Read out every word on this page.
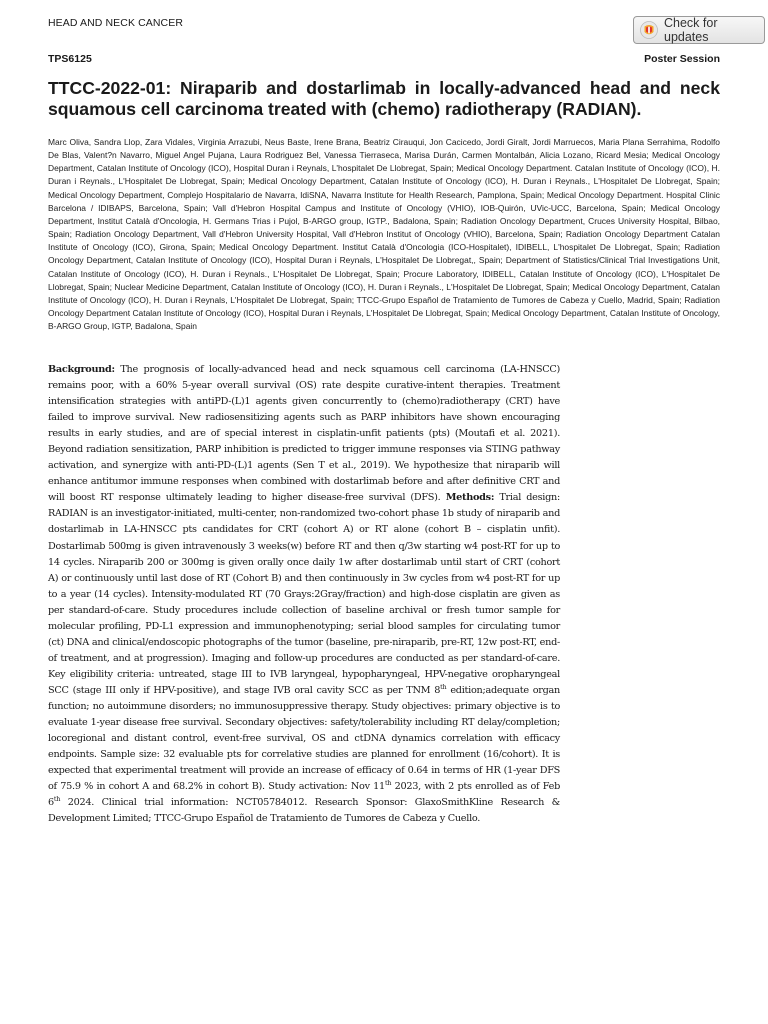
HEAD AND NECK CANCER	Check for updates
TPS6125	Poster Session
TTCC-2022-01: Niraparib and dostarlimab in locally-advanced head and neck squamous cell carcinoma treated with (chemo) radiotherapy (RADIAN).

Marc Oliva, Sandra Llop, Zara Vidales, Virginia Arrazubi, Neus Baste, Irene Brana, Beatriz Cirauqui, Jon Cacicedo, Jordi Giralt, Jordi Marruecos, Maria Plana Serrahima, Rodolfo De Blas, Valent?n Navarro, Miguel Angel Pujana, Laura Rodriguez Bel, Vanessa Tierraseca, Marisa Durán, Carmen Montalbán, Alicia Lozano, Ricard Mesia; Medical Oncology Department, Catalan Institute of Oncology (ICO), Hospital Duran i Reynals, L'hospitalet De Llobregat, Spain; Medical Oncology Department. Catalan Institute of Oncology (ICO), H. Duran i Reynals., L'Hospitalet De Llobregat, Spain; Medical Oncology Department, Catalan Institute of Oncology (ICO), H. Duran i Reynals., L'Hospitalet De Llobregat, Spain; Medical Oncology Department, Complejo Hospitalario de Navarra, IdiSNA, Navarra Institute for Health Research, Pamplona, Spain; Medical Oncology Department. Hospital Clinic Barcelona / IDIBAPS, Barcelona, Spain; Vall d'Hebron Hospital Campus and Institute of Oncology (VHIO), IOB-Quirón, UVic-UCC, Barcelona, Spain; Medical Oncology Department, Institut Català d'Oncologia, H. Germans Trias i Pujol, B-ARGO group, IGTP., Badalona, Spain; Radiation Oncology Department, Cruces University Hospital, Bilbao, Spain; Radiation Oncology Department, Vall d'Hebron University Hospital, Vall d'Hebron Institut of Oncology (VHIO), Barcelona, Spain; Radiation Oncology Department Catalan Institute of Oncology (ICO), Girona, Spain; Medical Oncology Department. Institut Català d'Oncologia (ICO-Hospitalet), IDIBELL, L'hospitalet De Llobregat, Spain; Radiation Oncology Department, Catalan Institute of Oncology (ICO), Hospital Duran i Reynals, L'Hospitalet De Llobregat,, Spain; Department of Statistics/Clinical Trial Investigations Unit, Catalan Institute of Oncology (ICO), H. Duran i Reynals., L'Hospitalet De Llobregat, Spain; Procure Laboratory, IDIBELL, Catalan Institute of Oncology (ICO), L'Hospitalet De Llobregat, Spain; Nuclear Medicine Department, Catalan Institute of Oncology (ICO), H. Duran i Reynals., L'Hospitalet De Llobregat, Spain; Medical Oncology Department, Catalan Institute of Oncology (ICO), H. Duran i Reynals, L'Hospitalet De Llobregat, Spain; TTCC-Grupo Español de Tratamiento de Tumores de Cabeza y Cuello, Madrid, Spain; Radiation Oncology Department Catalan Institute of Oncology (ICO), Hospital Duran i Reynals, L'Hospitalet De Llobregat, Spain; Medical Oncology Department, Catalan Institute of Oncology, B-ARGO Group, IGTP, Badalona, Spain

Background: The prognosis of locally-advanced head and neck squamous cell carcinoma (LA-HNSCC) remains poor, with a 60% 5-year overall survival (OS) rate despite curative-intent therapies. Treatment intensification strategies with antiPD-(L)1 agents given concurrently to (chemo)radiotherapy (CRT) have failed to improve survival. New radiosensitizing agents such as PARP inhibitors have shown encouraging results in early studies, and are of special interest in cisplatin-unfit patients (pts) (Moutafi et al. 2021). Beyond radiation sensitization, PARP inhibition is predicted to trigger immune responses via STING pathway activation, and synergize with anti-PD-(L)1 agents (Sen T et al., 2019). We hypothesize that niraparib will enhance antitumor immune responses when combined with dostarlimab before and after definitive CRT and will boost RT response ultimately leading to higher disease-free survival (DFS). Methods: Trial design: RADIAN is an investigator-initiated, multi-center, non-randomized two-cohort phase 1b study of niraparib and dostarlimab in LA-HNSCC pts candidates for CRT (cohort A) or RT alone (cohort B – cisplatin unfit). Dostarlimab 500mg is given intravenously 3 weeks(w) before RT and then q/3w starting w4 post-RT for up to 14 cycles. Niraparib 200 or 300mg is given orally once daily 1w after dostarlimab until start of CRT (cohort A) or continuously until last dose of RT (Cohort B) and then continuously in 3w cycles from w4 post-RT for up to a year (14 cycles). Intensity-modulated RT (70 Grays:2Gray/fraction) and high-dose cisplatin are given as per standard-of-care. Study procedures include collection of baseline archival or fresh tumor sample for molecular profiling, PD-L1 expression and immunophenotyping; serial blood samples for circulating tumor (ct) DNA and clinical/endoscopic photographs of the tumor (baseline, pre-niraparib, pre-RT, 12w post-RT, end-of treatment, and at progression). Imaging and follow-up procedures are conducted as per standard-of-care. Key eligibility criteria: untreated, stage III to IVB laryngeal, hypopharyngeal, HPV-negative oropharyngeal SCC (stage III only if HPV-positive), and stage IVB oral cavity SCC as per TNM 8th edition;adequate organ function; no autoimmune disorders; no immunosuppressive therapy. Study objectives: primary objective is to evaluate 1-year disease free survival. Secondary objectives: safety/tolerability including RT delay/completion; locoregional and distant control, event-free survival, OS and ctDNA dynamics correlation with efficacy endpoints. Sample size: 32 evaluable pts for correlative studies are planned for enrollment (16/cohort). It is expected that experimental treatment will provide an increase of efficacy of 0.64 in terms of HR (1-year DFS of 75.9 % in cohort A and 68.2% in cohort B). Study activation: Nov 11th 2023, with 2 pts enrolled as of Feb 6th 2024. Clinical trial information: NCT05784012. Research Sponsor: GlaxoSmithKline Research & Development Limited; TTCC-Grupo Español de Tratamiento de Tumores de Cabeza y Cuello.
